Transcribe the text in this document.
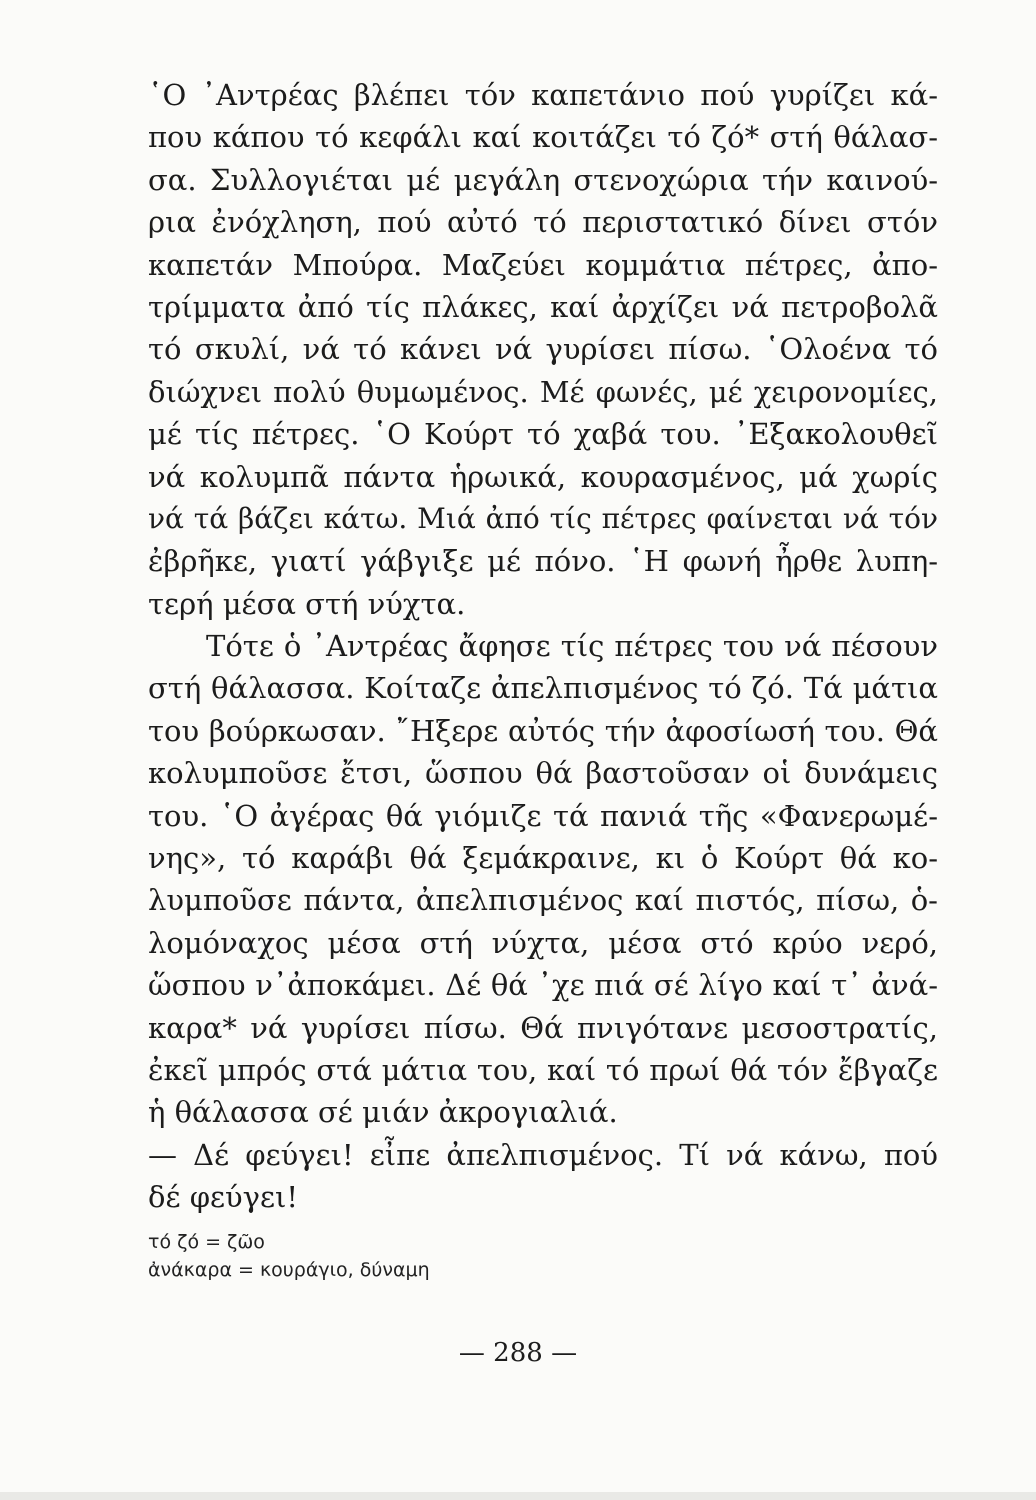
῾Ο ᾿Αντρέας βλέπει τόν καπετάνιο πού γυρίζει κά-
που κάπου τό κεφάλι καί κοιτάζει τό ζό* στή θάλασ-
σα. Συλλογιέται μέ μεγάλη στενοχώρια τήν καινού-
ρια ἐνόχληση, πού αὐτό τό περιστατικό δίνει στόν
καπετάν Μπούρα. Μαζεύει κομμάτια πέτρες, ἀπο-
τρίμματα ἀπό τίς πλάκες, καί ἀρχίζει νά πετροβολᾶ
τό σκυλί, νά τό κάνει νά γυρίσει πίσω. ῾Ολοένα τό
διώχνει πολύ θυμωμένος. Μέ φωνές, μέ χειρονομίες,
μέ τίς πέτρες. ῾Ο Κούρτ τό χαβά του. ᾿Εξακολουθεῖ
νά κολυμπᾶ πάντα ἡρωικά, κουρασμένος, μά χωρίς
νά τά βάζει κάτω. Μιά ἀπό τίς πέτρες φαίνεται νά τόν
ἐβρῆκε, γιατί γάβγιξε μέ πόνο. ῾Η φωνή ἦρθε λυπη-
τερή μέσα στή νύχτα.
Τότε ὁ ᾿Αντρέας ἄφησε τίς πέτρες του νά πέσουν
στή θάλασσα. Κοίταζε ἀπελπισμένος τό ζό. Τά μάτια
του βούρκωσαν. ῎Ηξερε αὐτός τήν ἀφοσίωσή του. Θά
κολυμποῦσε ἔτσι, ὥσπου θά βαστοῦσαν οἱ δυνάμεις
του. ῾Ο ἀγέρας θά γιόμιζε τά πανιά τῆς «Φανερωμέ-
νης», τό καράβι θά ξεμάκραινε, κι ὁ Κούρτ θά κο-
λυμποῦσε πάντα, ἀπελπισμένος καί πιστός, πίσω, ὁ-
λομόναχος μέσα στή νύχτα, μέσα στό κρύο νερό,
ὥσπου ν᾿ἀποκάμει. Δέ θά ᾿χε πιά σέ λίγο καί τ᾿ ἀνά-
καρα* νά γυρίσει πίσω. Θά πνιγότανε μεσοστρατίς,
ἐκεῖ μπρός στά μάτια του, καί τό πρωί θά τόν ἔβγαζε
ἡ θάλασσα σέ μιάν ἀκρογιαλιά.
— Δέ φεύγει! εἶπε ἀπελπισμένος. Τί νά κάνω, πού
δέ φεύγει!
τό ζό = ζῶο
ἀνάκαρα = κουράγιο, δύναμη
— 288 —
